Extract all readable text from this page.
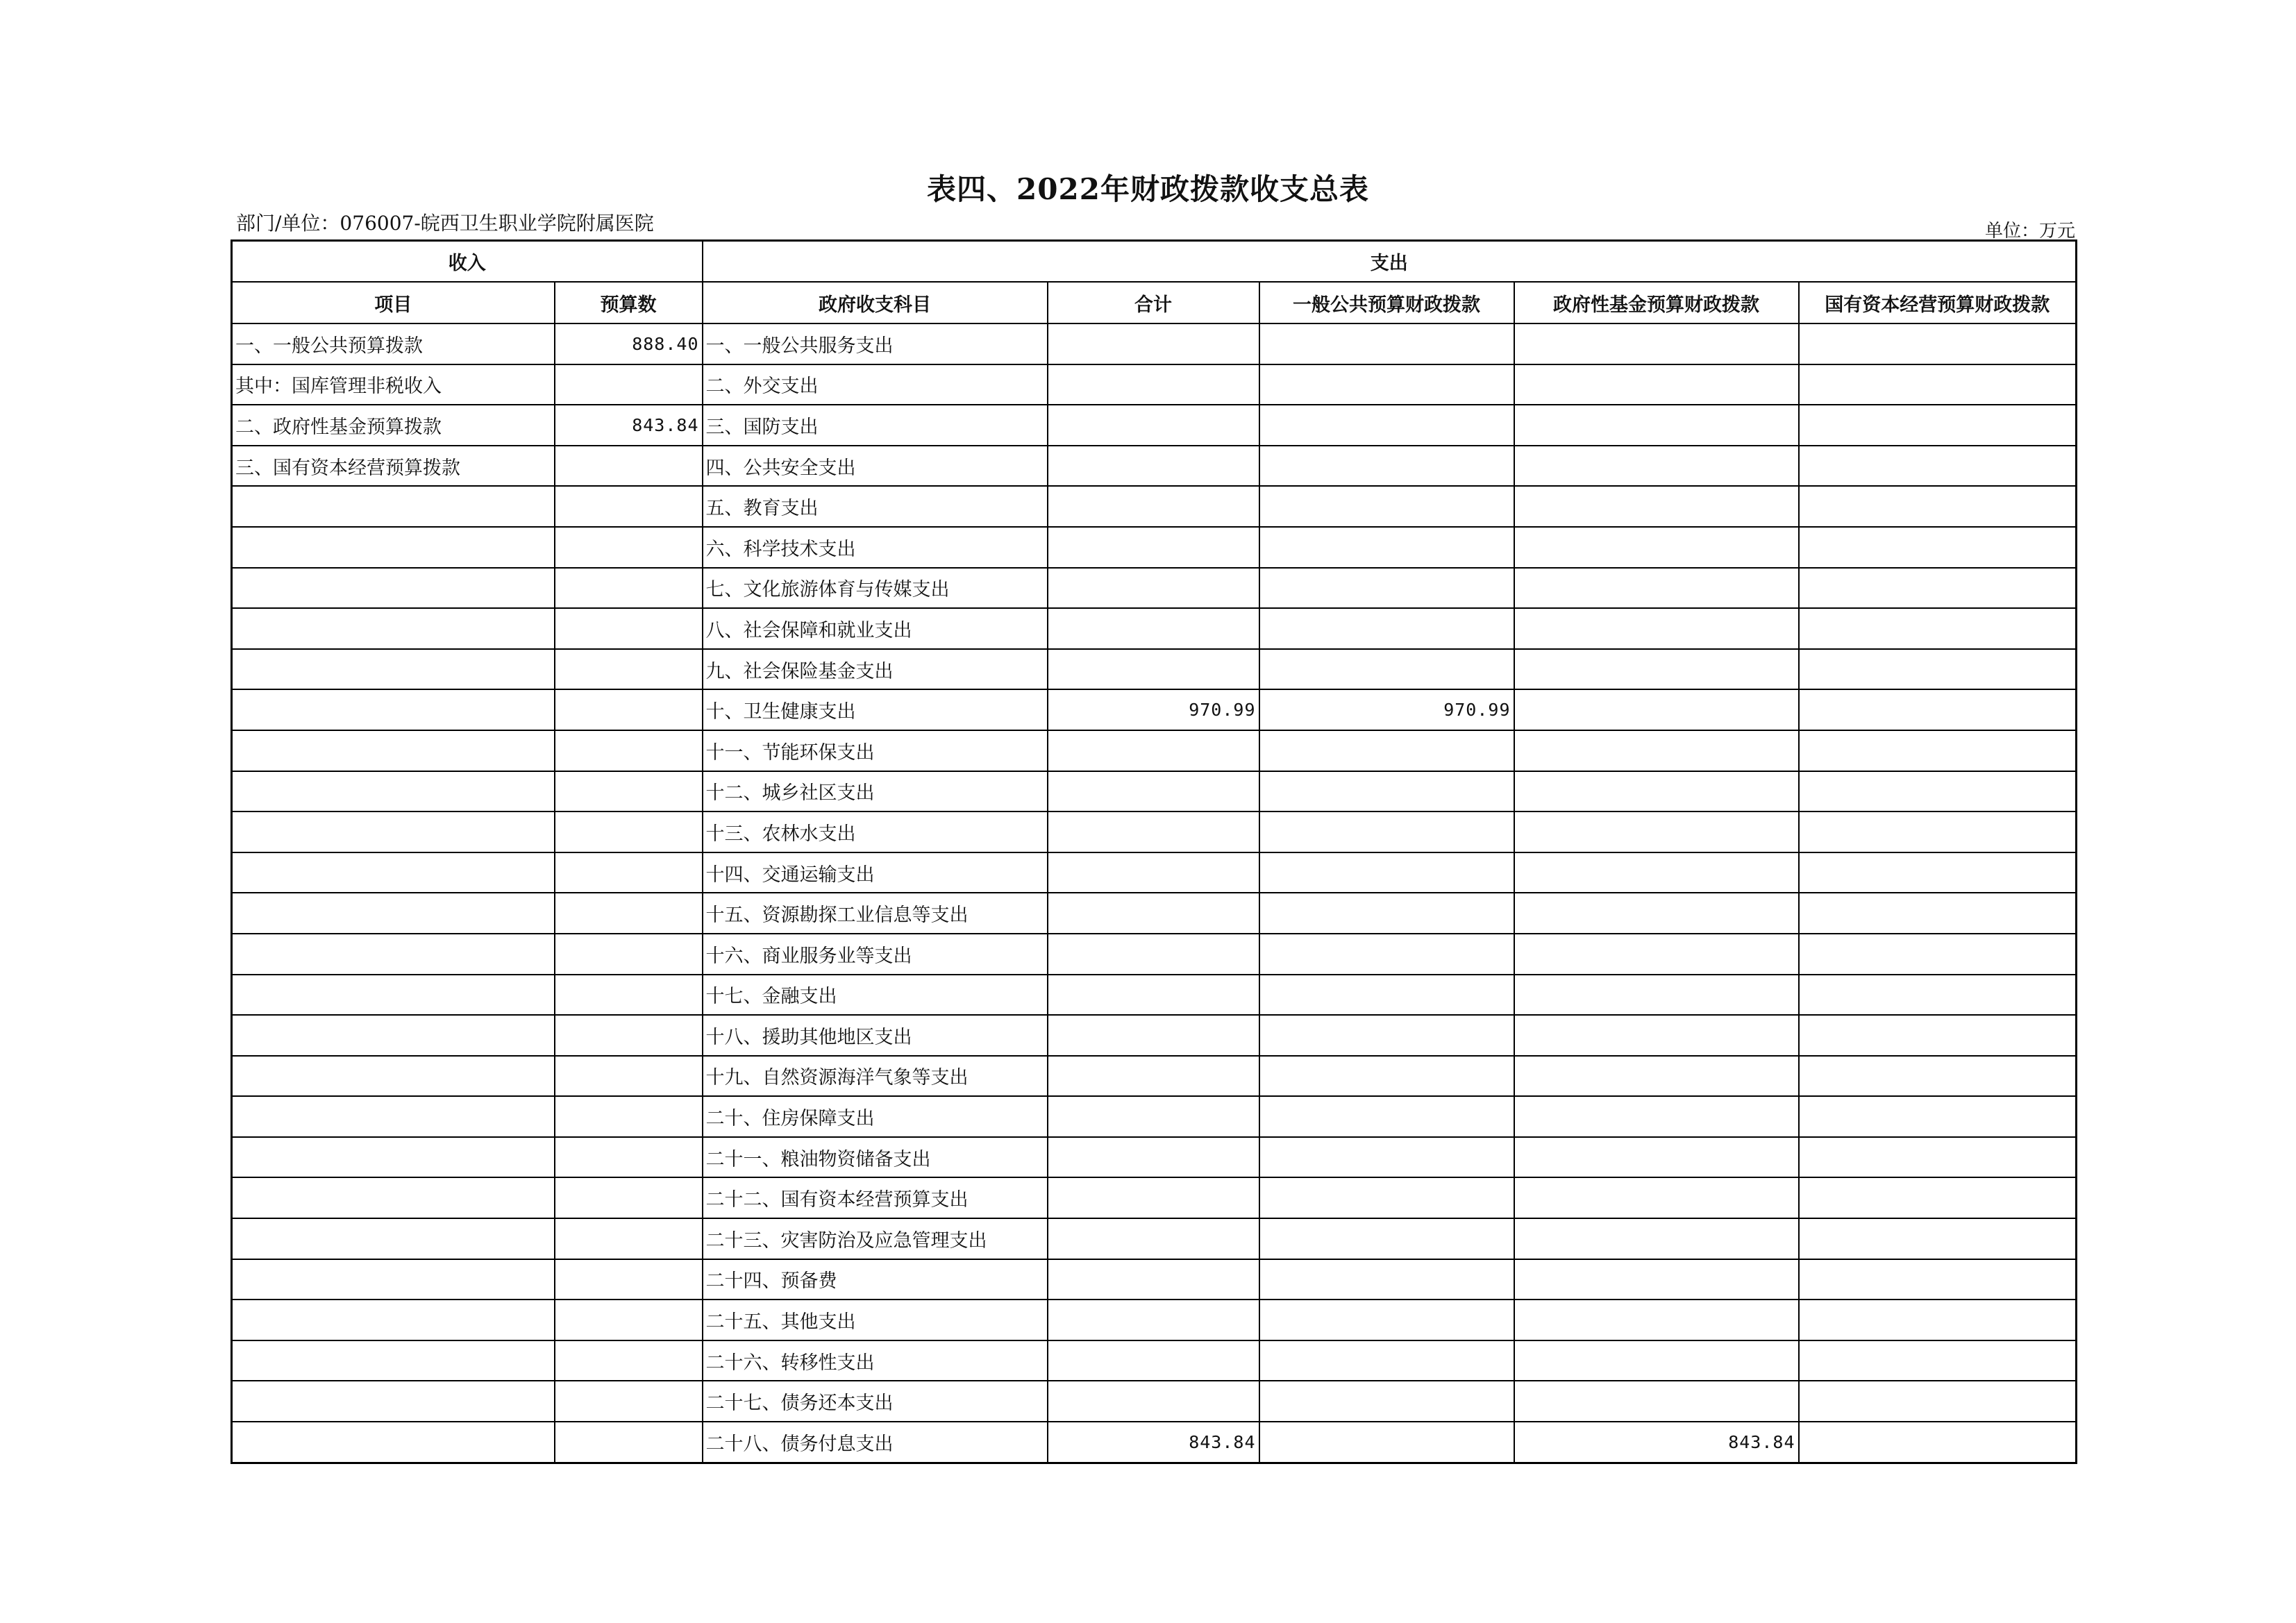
表四、2022年财政拨款收支总表
部门/单位：076007-皖西卫生职业学院附属医院	单位：万元
收入		支出				
项目	预算数	政府收支科目	合计	一般公共预算财政拨款	政府性基金预算财政拨款	国有资本经营预算财政拨款
一、一般公共预算拨款	888.40	一、一般公共服务支出				
其中：国库管理非税收入		二、外交支出				
二、政府性基金预算拨款	843.84	三、国防支出				
三、国有资本经营预算拨款		四、公共安全支出				
		五、教育支出				
		六、科学技术支出				
		七、文化旅游体育与传媒支出				
		八、社会保障和就业支出				
		九、社会保险基金支出				
		十、卫生健康支出	970.99	970.99		
		十一、节能环保支出				
		十二、城乡社区支出				
		十三、农林水支出				
		十四、交通运输支出				
		十五、资源勘探工业信息等支出				
		十六、商业服务业等支出				
		十七、金融支出				
		十八、援助其他地区支出				
		十九、自然资源海洋气象等支出				
		二十、住房保障支出				
		二十一、粮油物资储备支出				
		二十二、国有资本经营预算支出				
		二十三、灾害防治及应急管理支出				
		二十四、预备费				
		二十五、其他支出				
		二十六、转移性支出				
		二十七、债务还本支出				
		二十八、债务付息支出	843.84		843.84	
